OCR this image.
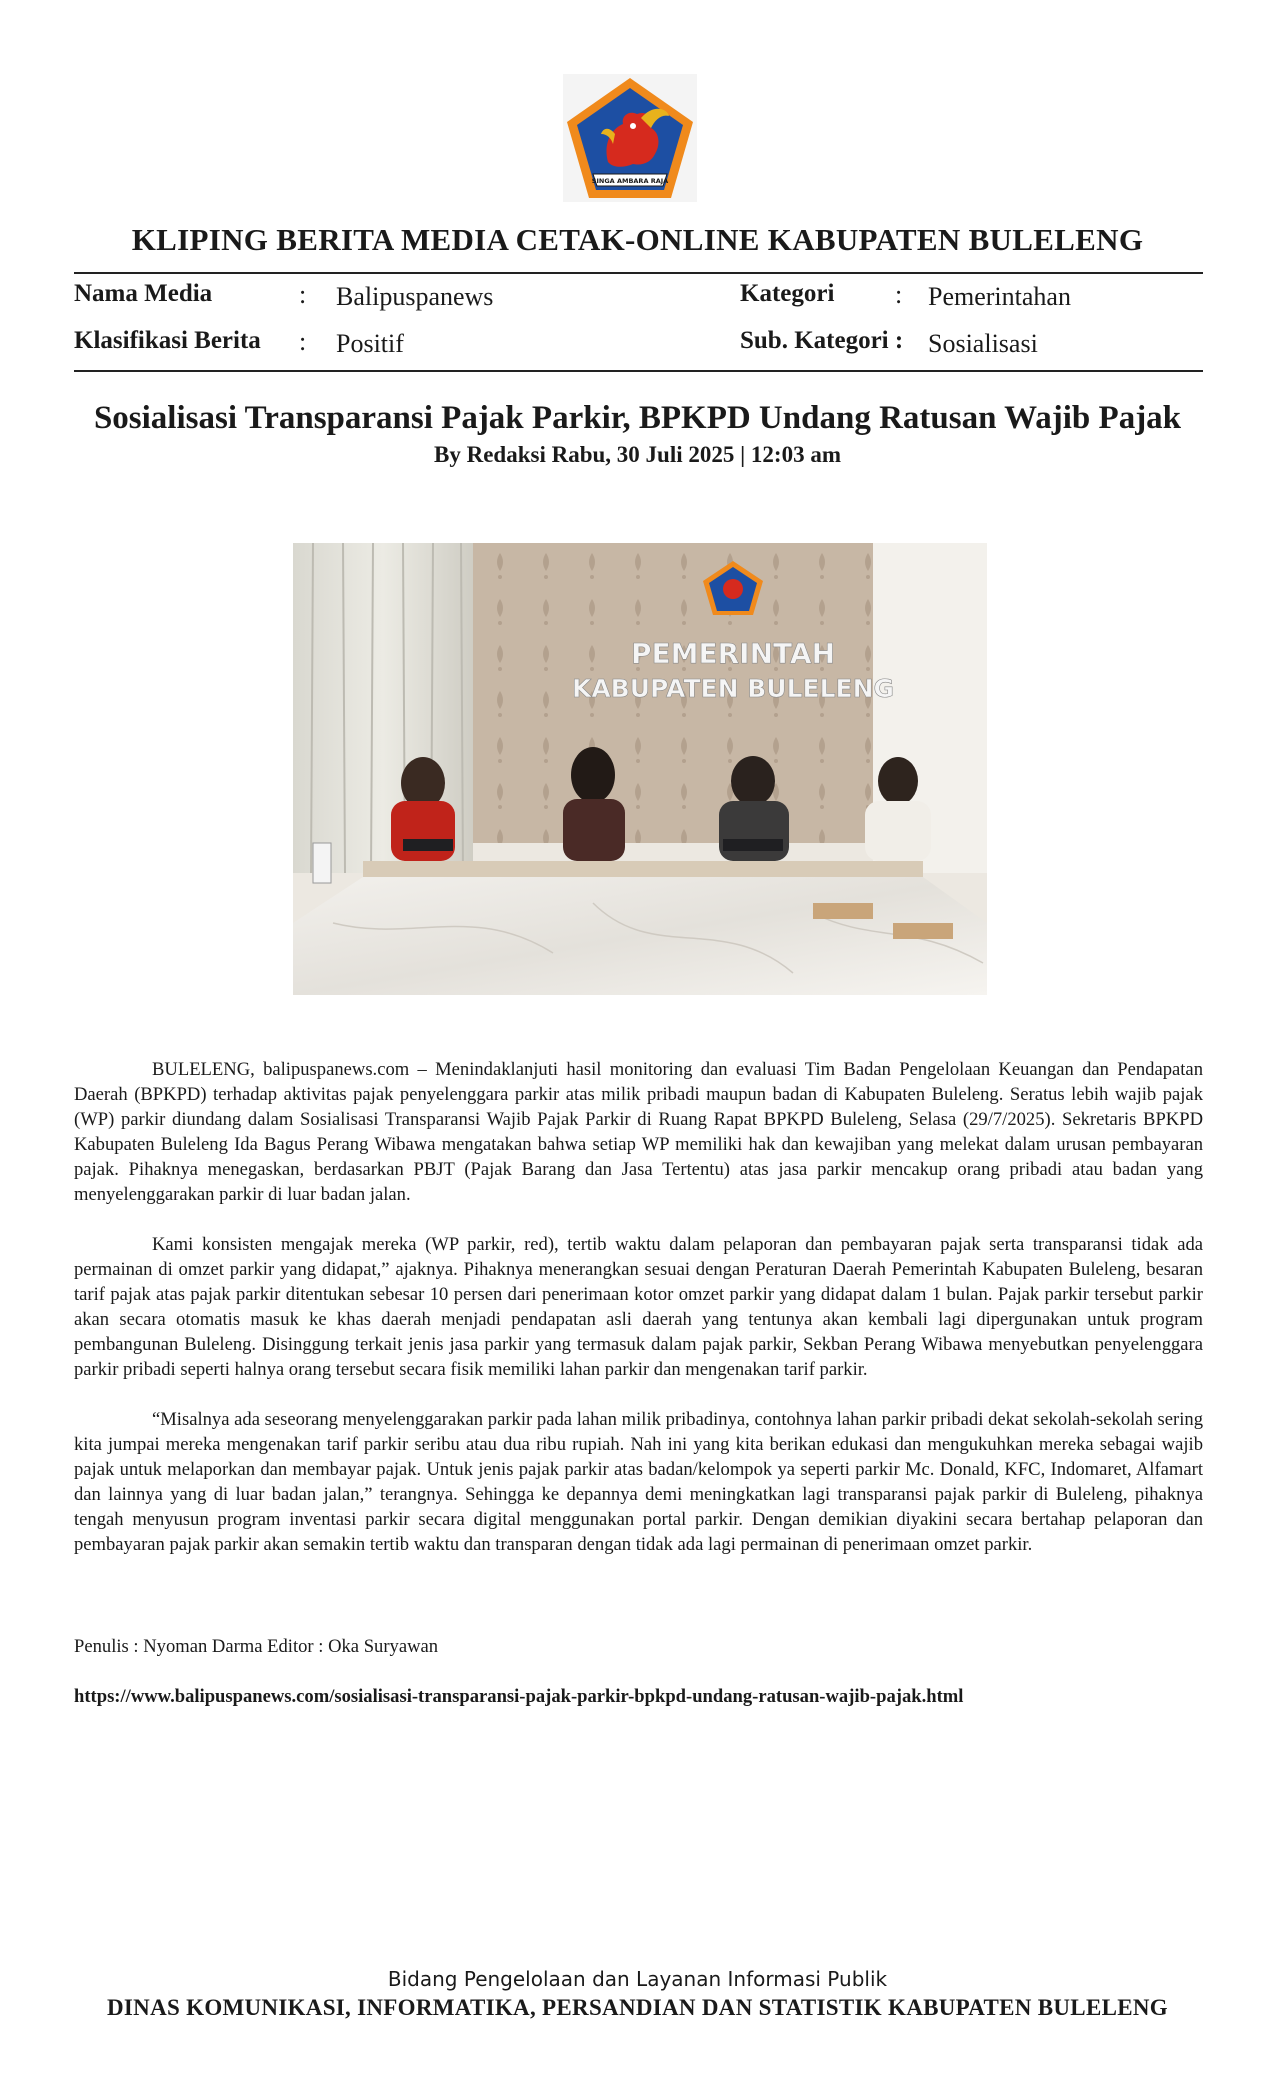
SINGA AMBARA RAJA
KLIPING BERITA MEDIA CETAK-ONLINE KABUPATEN BULELENG
Nama Media	: Balipuspanews
Klasifikasi Berita : Positif
Kategori : Pemerintahan
Sub. Kategori : Sosialisasi
Sosialisasi Transparansi Pajak Parkir, BPKPD Undang Ratusan Wajib Pajak
By Redaksi Rabu, 30 Juli 2025 | 12:03 am
PEMERINTAH
KABUPATEN BULELENG

BULELENG, balipuspanews.com – Menindaklanjuti hasil monitoring dan evaluasi Tim Badan Pengelolaan Keuangan dan Pendapatan Daerah (BPKPD) terhadap aktivitas pajak penyelenggara parkir atas milik pribadi maupun badan di Kabupaten Buleleng. Seratus lebih wajib pajak (WP) parkir diundang dalam Sosialisasi Transparansi Wajib Pajak Parkir di Ruang Rapat BPKPD Buleleng, Selasa (29/7/2025). Sekretaris BPKPD Kabupaten Buleleng Ida Bagus Perang Wibawa mengatakan bahwa setiap WP memiliki hak dan kewajiban yang melekat dalam urusan pembayaran pajak. Pihaknya menegaskan, berdasarkan PBJT (Pajak Barang dan Jasa Tertentu) atas jasa parkir mencakup orang pribadi atau badan yang menyelenggarakan parkir di luar badan jalan.

Kami konsisten mengajak mereka (WP parkir, red), tertib waktu dalam pelaporan dan pembayaran pajak serta transparansi tidak ada permainan di omzet parkir yang didapat,” ajaknya. Pihaknya menerangkan sesuai dengan Peraturan Daerah Pemerintah Kabupaten Buleleng, besaran tarif pajak atas pajak parkir ditentukan sebesar 10 persen dari penerimaan kotor omzet parkir yang didapat dalam 1 bulan. Pajak parkir tersebut parkir akan secara otomatis masuk ke khas daerah menjadi pendapatan asli daerah yang tentunya akan kembali lagi dipergunakan untuk program pembangunan Buleleng. Disinggung terkait jenis jasa parkir yang termasuk dalam pajak parkir, Sekban Perang Wibawa menyebutkan penyelenggara parkir pribadi seperti halnya orang tersebut secara fisik memiliki lahan parkir dan mengenakan tarif parkir.

“Misalnya ada seseorang menyelenggarakan parkir pada lahan milik pribadinya, contohnya lahan parkir pribadi dekat sekolah-sekolah sering kita jumpai mereka mengenakan tarif parkir seribu atau dua ribu rupiah. Nah ini yang kita berikan edukasi dan mengukuhkan mereka sebagai wajib pajak untuk melaporkan dan membayar pajak. Untuk jenis pajak parkir atas badan/kelompok ya seperti parkir Mc. Donald, KFC, Indomaret, Alfamart dan lainnya yang di luar badan jalan,” terangnya. Sehingga ke depannya demi meningkatkan lagi transparansi pajak parkir di Buleleng, pihaknya tengah menyusun program inventasi parkir secara digital menggunakan portal parkir. Dengan demikian diyakini secara bertahap pelaporan dan pembayaran pajak parkir akan semakin tertib waktu dan transparan dengan tidak ada lagi permainan di penerimaan omzet parkir.

Penulis : Nyoman Darma Editor : Oka Suryawan
https://www.balipuspanews.com/sosialisasi-transparansi-pajak-parkir-bpkpd-undang-ratusan-wajib-pajak.html
Bidang Pengelolaan dan Layanan Informasi Publik
DINAS KOMUNIKASI, INFORMATIKA, PERSANDIAN DAN STATISTIK KABUPATEN BULELENG
